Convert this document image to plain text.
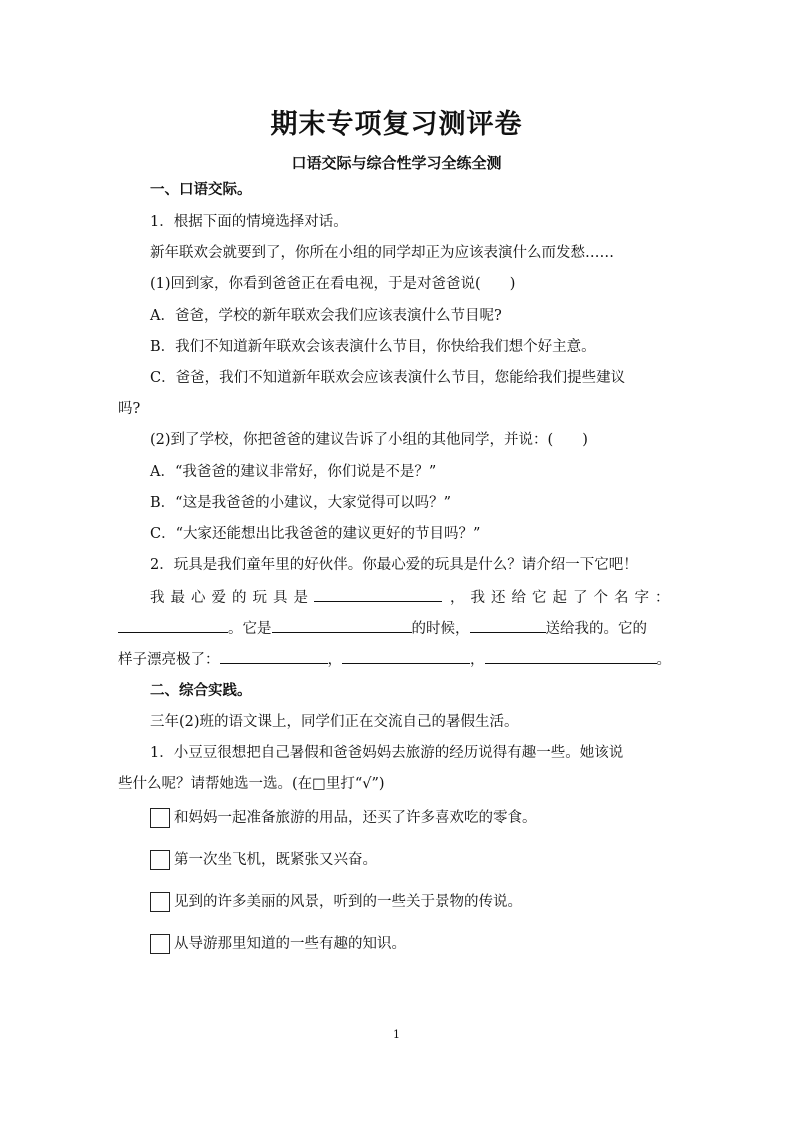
期末专项复习测评卷
口语交际与综合性学习全练全测
一、口语交际。
1．根据下面的情境选择对话。
新年联欢会就要到了，你所在小组的同学却正为应该表演什么而发愁……
(1)回到家，你看到爸爸正在看电视，于是对爸爸说(　　)
A．爸爸，学校的新年联欢会我们应该表演什么节目呢?
B．我们不知道新年联欢会该表演什么节目，你快给我们想个好主意。
C．爸爸，我们不知道新年联欢会应该表演什么节目，您能给我们提些建议
吗?
(2)到了学校，你把爸爸的建议告诉了小组的其他同学，并说：(　　)
A．“我爸爸的建议非常好，你们说是不是？”
B．“这是我爸爸的小建议，大家觉得可以吗？”
C．“大家还能想出比我爸爸的建议更好的节目吗？”
2．玩具是我们童年里的好伙伴。你最心爱的玩具是什么？请介绍一下它吧！
我最心爱的玩具是	，我还给它起了个名字：
。它是	的时候，	送给我的。它的
样子漂亮极了：	，	，	。
二、综合实践。
三年(2)班的语文课上，同学们正在交流自己的暑假生活。
1．小豆豆很想把自己暑假和爸爸妈妈去旅游的经历说得有趣一些。她该说
些什么呢？请帮她选一选。(在□里打“√”)
和妈妈一起准备旅游的用品，还买了许多喜欢吃的零食。
第一次坐飞机，既紧张又兴奋。
见到的许多美丽的风景，听到的一些关于景物的传说。
从导游那里知道的一些有趣的知识。
1
